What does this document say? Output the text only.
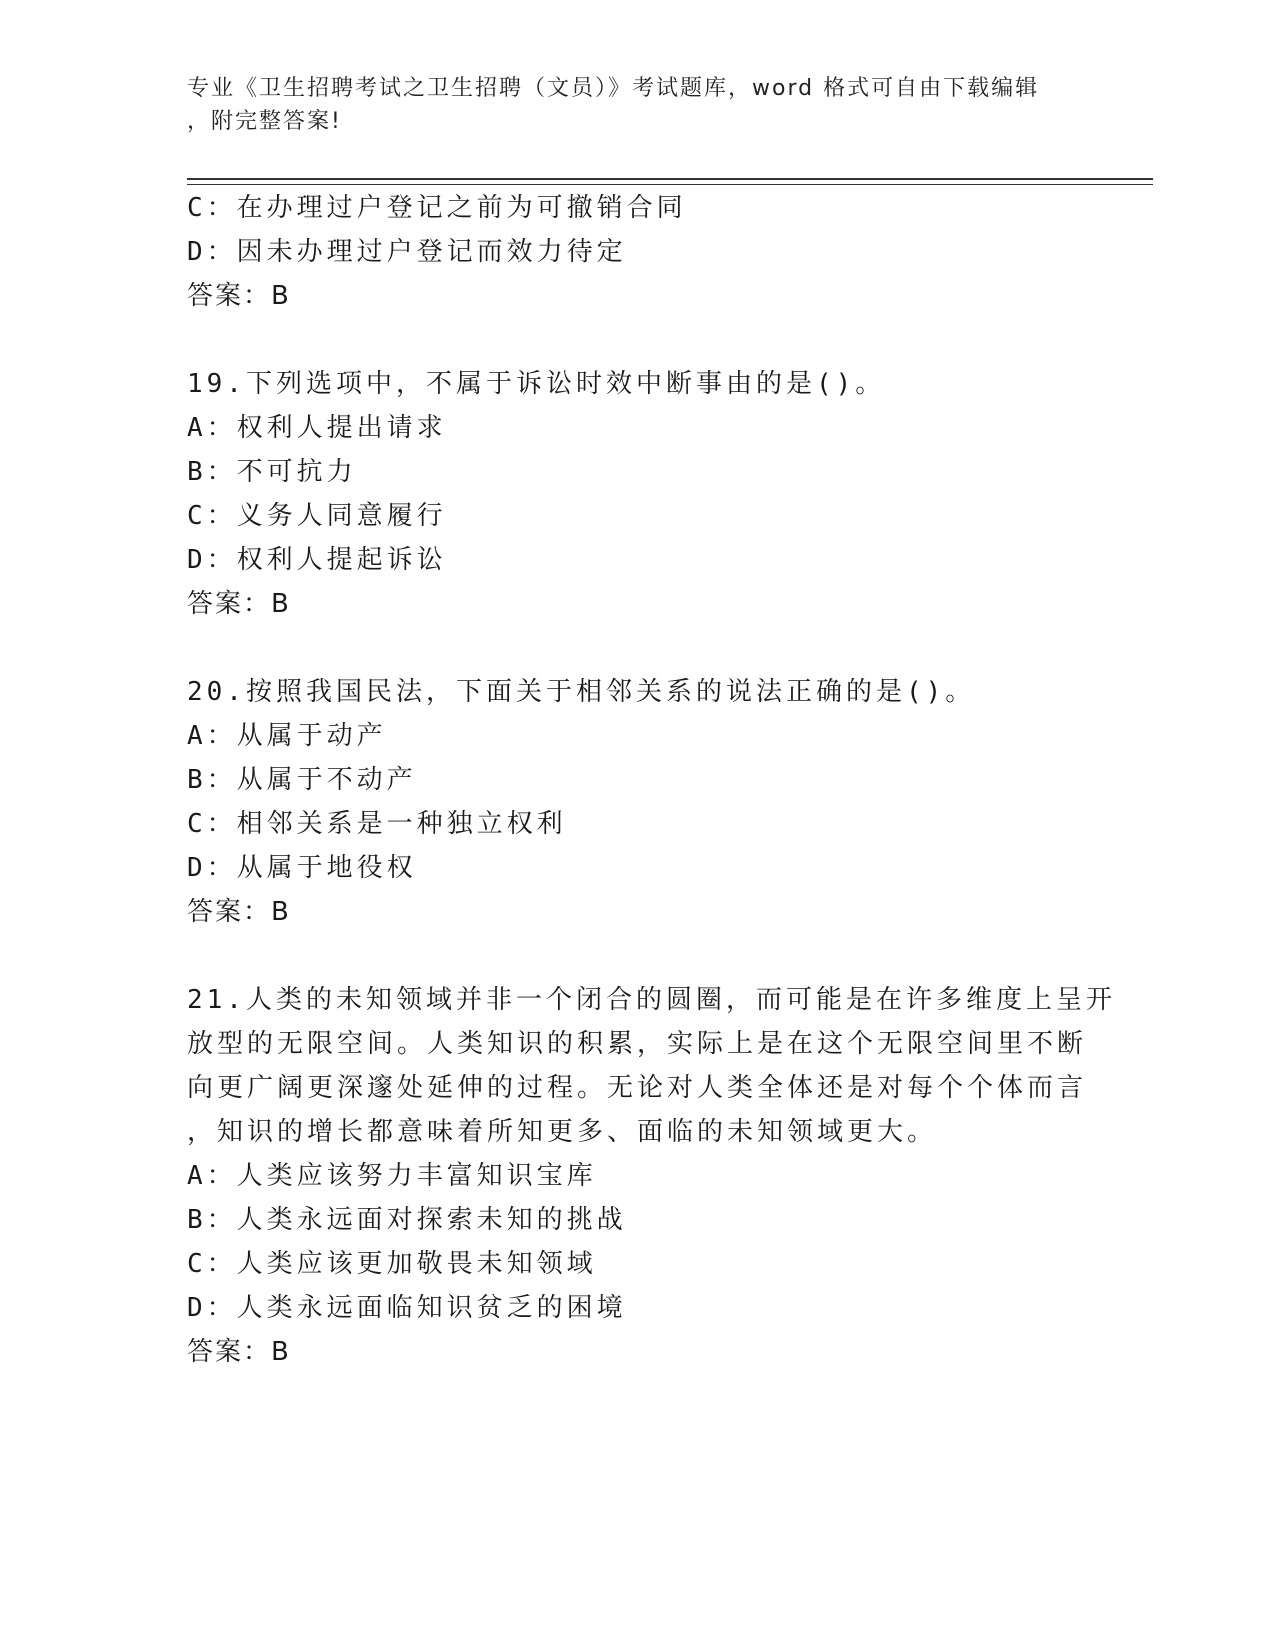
专业《卫生招聘考试之卫生招聘（文员）》考试题库，word 格式可自由下载编辑
，附完整答案!
C：在办理过户登记之前为可撤销合同
D：因未办理过户登记而效力待定
答案：B
19.下列选项中，不属于诉讼时效中断事由的是()。
A：权利人提出请求
B：不可抗力
C：义务人同意履行
D：权利人提起诉讼
答案：B
20.按照我国民法，下面关于相邻关系的说法正确的是()。
A：从属于动产
B：从属于不动产
C：相邻关系是一种独立权利
D：从属于地役权
答案：B
21.人类的未知领域并非一个闭合的圆圈，而可能是在许多维度上呈开
放型的无限空间。人类知识的积累，实际上是在这个无限空间里不断
向更广阔更深邃处延伸的过程。无论对人类全体还是对每个个体而言
，知识的增长都意味着所知更多、面临的未知领域更大。
A：人类应该努力丰富知识宝库
B：人类永远面对探索未知的挑战
C：人类应该更加敬畏未知领域
D：人类永远面临知识贫乏的困境
答案：B
